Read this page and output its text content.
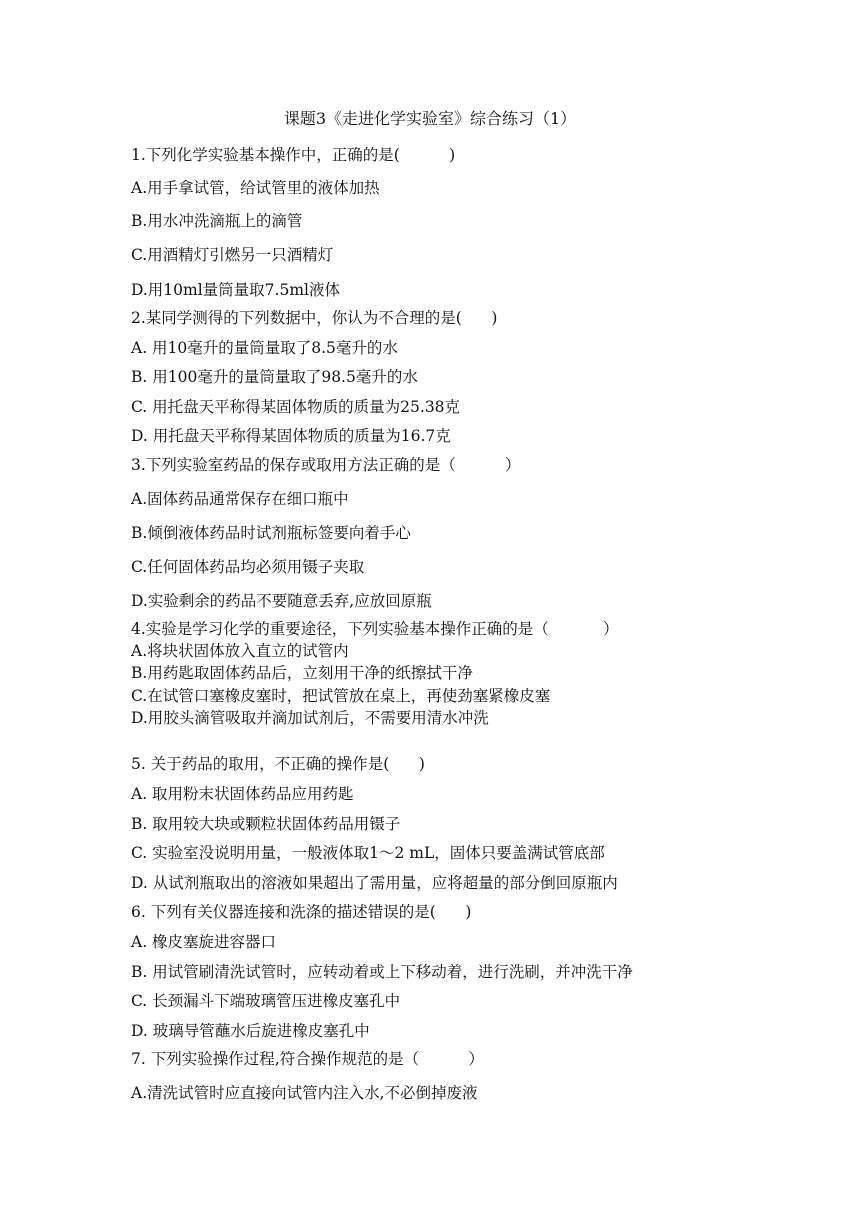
课题3《走进化学实验室》综合练习（1）
1.下列化学实验基本操作中，正确的是(          )
A.用手拿试管，给试管里的液体加热
B.用水冲洗滴瓶上的滴管
C.用酒精灯引燃另一只酒精灯
D.用10ml量筒量取7.5ml液体
2.某同学测得的下列数据中，你认为不合理的是(      )
A. 用10毫升的量筒量取了8.5毫升的水
B. 用100毫升的量筒量取了98.5毫升的水
C. 用托盘天平称得某固体物质的质量为25.38克
D. 用托盘天平称得某固体物质的质量为16.7克
3.下列实验室药品的保存或取用方法正确的是（          ）
A.固体药品通常保存在细口瓶中
B.倾倒液体药品时试剂瓶标签要向着手心
C.任何固体药品均必须用镊子夹取
D.实验剩余的药品不要随意丢弃,应放回原瓶
4.实验是学习化学的重要途径，下列实验基本操作正确的是（           ）
A.将块状固体放入直立的试管内
B.用药匙取固体药品后，立刻用干净的纸擦拭干净
C.在试管口塞橡皮塞时，把试管放在桌上，再使劲塞紧橡皮塞
D.用胶头滴管吸取并滴加试剂后，不需要用清水冲洗
5. 关于药品的取用，不正确的操作是(      )
A. 取用粉末状固体药品应用药匙
B. 取用较大块或颗粒状固体药品用镊子
C. 实验室没说明用量，一般液体取1～2 mL，固体只要盖满试管底部
D. 从试剂瓶取出的溶液如果超出了需用量，应将超量的部分倒回原瓶内
6. 下列有关仪器连接和洗涤的描述错误的是(      )
A. 橡皮塞旋进容器口
B. 用试管刷清洗试管时，应转动着或上下移动着，进行洗刷，并冲洗干净
C. 长颈漏斗下端玻璃管压进橡皮塞孔中
D. 玻璃导管蘸水后旋进橡皮塞孔中
7. 下列实验操作过程,符合操作规范的是（          ）
A.清洗试管时应直接向试管内注入水,不必倒掉废液
